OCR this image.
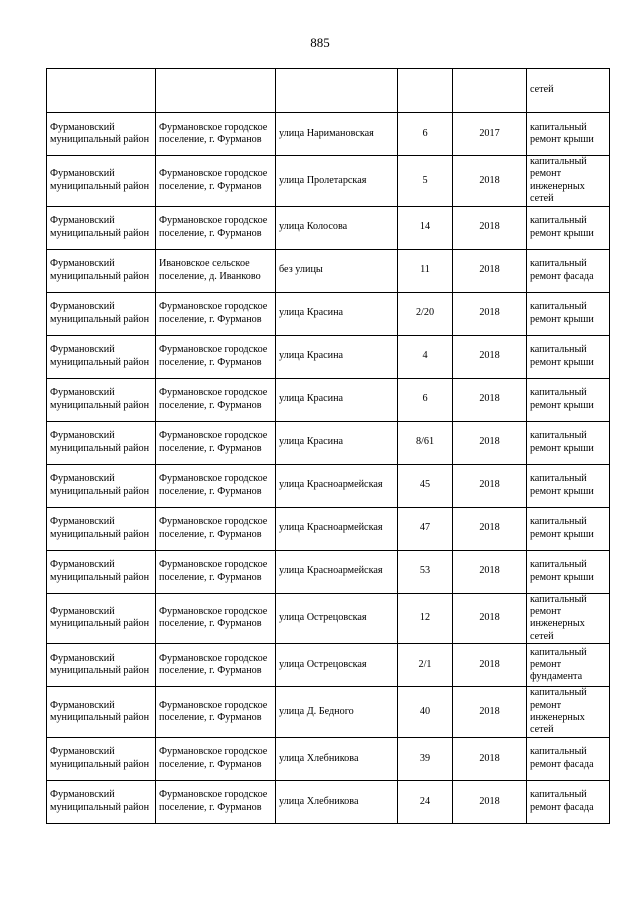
885
					сетей
Фурмановский муниципальный район	Фурмановское городское поселение, г. Фурманов	улица Наримановская	6	2017	капитальный ремонт крыши
Фурмановский муниципальный район	Фурмановское городское поселение, г. Фурманов	улица Пролетарская	5	2018	капитальный ремонт инженерных сетей
Фурмановский муниципальный район	Фурмановское городское поселение, г. Фурманов	улица Колосова	14	2018	капитальный ремонт крыши
Фурмановский муниципальный район	Ивановское сельское поселение, д. Иванково	без улицы	11	2018	капитальный ремонт фасада
Фурмановский муниципальный район	Фурмановское городское поселение, г. Фурманов	улица Красина	2/20	2018	капитальный ремонт крыши
Фурмановский муниципальный район	Фурмановское городское поселение, г. Фурманов	улица Красина	4	2018	капитальный ремонт крыши
Фурмановский муниципальный район	Фурмановское городское поселение, г. Фурманов	улица Красина	6	2018	капитальный ремонт крыши
Фурмановский муниципальный район	Фурмановское городское поселение, г. Фурманов	улица Красина	8/61	2018	капитальный ремонт крыши
Фурмановский муниципальный район	Фурмановское городское поселение, г. Фурманов	улица Красноармейская	45	2018	капитальный ремонт крыши
Фурмановский муниципальный район	Фурмановское городское поселение, г. Фурманов	улица Красноармейская	47	2018	капитальный ремонт крыши
Фурмановский муниципальный район	Фурмановское городское поселение, г. Фурманов	улица Красноармейская	53	2018	капитальный ремонт крыши
Фурмановский муниципальный район	Фурмановское городское поселение, г. Фурманов	улица Острецовская	12	2018	капитальный ремонт инженерных сетей
Фурмановский муниципальный район	Фурмановское городское поселение, г. Фурманов	улица Острецовская	2/1	2018	капитальный ремонт фундамента
Фурмановский муниципальный район	Фурмановское городское поселение, г. Фурманов	улица Д. Бедного	40	2018	капитальный ремонт инженерных сетей
Фурмановский муниципальный район	Фурмановское городское поселение, г. Фурманов	улица Хлебникова	39	2018	капитальный ремонт фасада
Фурмановский муниципальный район	Фурмановское городское поселение, г. Фурманов	улица Хлебникова	24	2018	капитальный ремонт фасада
